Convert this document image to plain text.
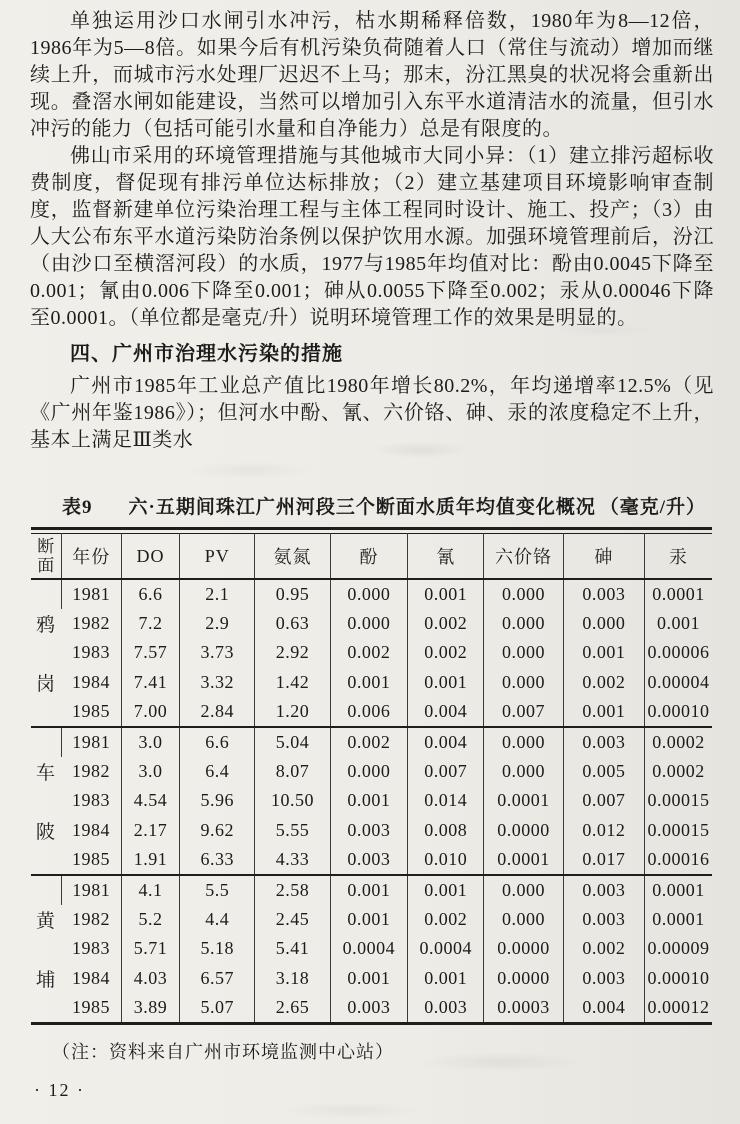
单独运用沙口水闸引水冲污，枯水期稀释倍数，1980年为8—12倍，1986年为5—8倍。如果今后有机污染负荷随着人口（常住与流动）增加而继续上升，而城市污水处理厂迟迟不上马；那末，汾江黑臭的状况将会重新出现。叠滘水闸如能建设，当然可以增加引入东平水道清洁水的流量，但引水冲污的能力（包括可能引水量和自净能力）总是有限度的。

佛山市采用的环境管理措施与其他城市大同小异：（1）建立排污超标收费制度，督促现有排污单位达标排放；（2）建立基建项目环境影响审查制度，监督新建单位污染治理工程与主体工程同时设计、施工、投产；（3）由人大公布东平水道污染防治条例以保护饮用水源。加强环境管理前后，汾江（由沙口至横滘河段）的水质，1977与1985年均值对比：酚由0.0045下降至0.001；氰由0.006下降至0.001；砷从0.0055下降至0.002；汞从0.00046下降至0.0001。（单位都是毫克/升）说明环境管理工作的效果是明显的。

四、广州市治理水污染的措施

广州市1985年工业总产值比1980年增长80.2%，年均递增率12.5%（见《广州年鉴1986》）；但河水中酚、氰、六价铬、砷、汞的浓度稳定不上升，基本上满足Ⅲ类水

表9 六·五期间珠江广州河段三个断面水质年均值变化概况 （毫克/升）
断面	年份	DO	PV	氨氮	酚	氰	六价铬	砷	汞

鸦
岗	1981	6.6	2.1	0.95	0.000	0.001	0.000	0.003	0.0001
	1982	7.2	2.9	0.63	0.000	0.002	0.000	0.000	0.001
	1983	7.57	3.73	2.92	0.002	0.002	0.000	0.001	0.00006
	1984	7.41	3.32	1.42	0.001	0.001	0.000	0.002	0.00004
	1985	7.00	2.84	1.20	0.006	0.004	0.007	0.001	0.00010

车
陂	1981	3.0	6.6	5.04	0.002	0.004	0.000	0.003	0.0002
	1982	3.0	6.4	8.07	0.000	0.007	0.000	0.005	0.0002
	1983	4.54	5.96	10.50	0.001	0.014	0.0001	0.007	0.00015
	1984	2.17	9.62	5.55	0.003	0.008	0.0000	0.012	0.00015
	1985	1.91	6.33	4.33	0.003	0.010	0.0001	0.017	0.00016

黄
埔	1981	4.1	5.5	2.58	0.001	0.001	0.000	0.003	0.0001
	1982	5.2	4.4	2.45	0.001	0.002	0.000	0.003	0.0001
	1983	5.71	5.18	5.41	0.0004	0.0004	0.0000	0.002	0.00009
	1984	4.03	6.57	3.18	0.001	0.001	0.0000	0.003	0.00010
	1985	3.89	5.07	2.65	0.003	0.003	0.0003	0.004	0.00012

（注：资料来自广州市环境监测中心站）

· 12 ·
